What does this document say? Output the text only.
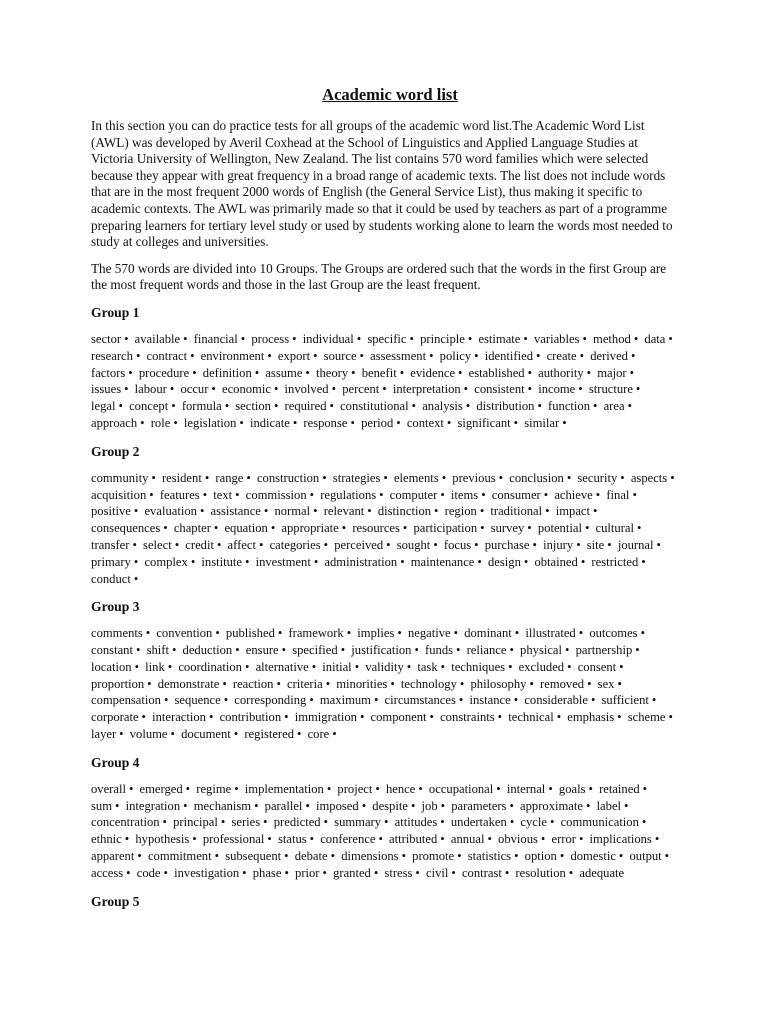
Academic word list

In this section you can do practice tests for all groups of the academic word list.The Academic Word List (AWL) was developed by Averil Coxhead at the School of Linguistics and Applied Language Studies at Victoria University of Wellington, New Zealand. The list contains 570 word families which were selected because they appear with great frequency in a broad range of academic texts. The list does not include words that are in the most frequent 2000 words of English (the General Service List), thus making it specific to academic contexts. The AWL was primarily made so that it could be used by teachers as part of a programme preparing learners for tertiary level study or used by students working alone to learn the words most needed to study at colleges and universities.

The 570 words are divided into 10 Groups. The Groups are ordered such that the words in the first Group are the most frequent words and those in the last Group are the least frequent.

Group 1
sector • available • financial • process • individual • specific • principle • estimate • variables • method • data • research • contract • environment • export • source • assessment • policy • identified • create • derived • factors • procedure • definition • assume • theory • benefit • evidence • established • authority • major • issues • labour • occur • economic • involved • percent • interpretation • consistent • income • structure • legal • concept • formula • section • required • constitutional • analysis • distribution • function • area • approach • role • legislation • indicate • response • period • context • significant • similar •
Group 2
community • resident • range • construction • strategies • elements • previous • conclusion • security • aspects • acquisition • features • text • commission • regulations • computer • items • consumer • achieve • final • positive • evaluation • assistance • normal • relevant • distinction • region • traditional • impact • consequences • chapter • equation • appropriate • resources • participation • survey • potential • cultural • transfer • select • credit • affect • categories • perceived • sought • focus • purchase • injury • site • journal • primary • complex • institute • investment • administration • maintenance • design • obtained • restricted • conduct •
Group 3
comments • convention • published • framework • implies • negative • dominant • illustrated • outcomes • constant • shift • deduction • ensure • specified • justification • funds • reliance • physical • partnership • location • link • coordination • alternative • initial • validity • task • techniques • excluded • consent • proportion • demonstrate • reaction • criteria • minorities • technology • philosophy • removed • sex • compensation • sequence • corresponding • maximum • circumstances • instance • considerable • sufficient • corporate • interaction • contribution • immigration • component • constraints • technical • emphasis • scheme • layer • volume • document • registered • core •
Group 4
overall • emerged • regime • implementation • project • hence • occupational • internal • goals • retained • sum • integration • mechanism • parallel • imposed • despite • job • parameters • approximate • label • concentration • principal • series • predicted • summary • attitudes • undertaken • cycle • communication • ethnic • hypothesis • professional • status • conference • attributed • annual • obvious • error • implications • apparent • commitment • subsequent • debate • dimensions • promote • statistics • option • domestic • output • access • code • investigation • phase • prior • granted • stress • civil • contrast • resolution • adequate
Group 5
